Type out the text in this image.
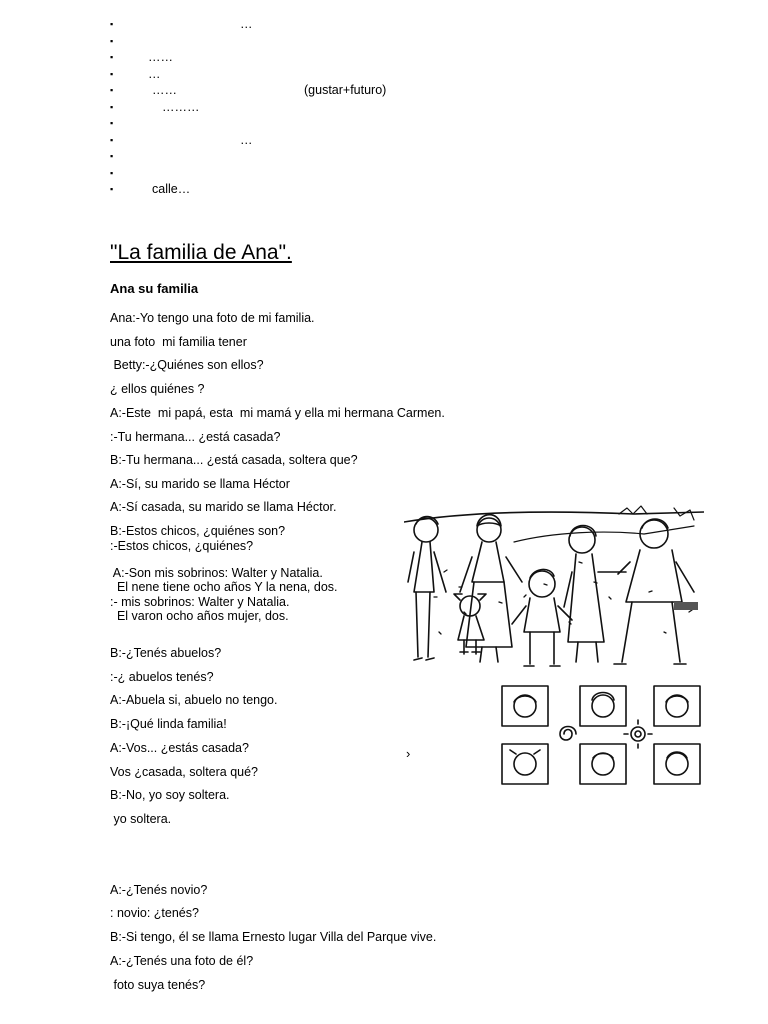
▪	…
▪
▪	……
▪	…
▪	……	(gustar+futuro)
▪	………
▪
▪	…
▪
▪
▪	calle…
"La familia de Ana".
Ana su familia
Ana:-Yo tengo una foto de mi familia.
una foto  mi familia tener
Betty:-¿Quiénes son ellos?
¿ ellos quiénes ?
A:-Este  mi papá, esta  mi mamá y ella mi hermana Carmen.
:-Tu hermana... ¿está casada?
B:-Tu hermana... ¿está casada, soltera que?
A:-Sí, su marido se llama Héctor
A:-Sí casada, su marido se llama Héctor.
B:-Estos chicos, ¿quiénes son?
:-Estos chicos, ¿quiénes?
A:-Son mis sobrinos: Walter y Natalia.
El nene tiene ocho años Y la nena, dos.
:- mis sobrinos: Walter y Natalia.
El varon ocho años mujer, dos.
B:-¿Tenés abuelos?
:-¿ abuelos tenés?
A:-Abuela si, abuelo no tengo.
B:-¡Qué linda familia!
A:-Vos... ¿estás casada?
Vos ¿casada, soltera qué?
B:-No, yo soy soltera.
yo soltera.
A:-¿Tenés novio?
: novio: ¿tenés?
B:-Si tengo, él se llama Ernesto lugar Villa del Parque vive.
A:-¿Tenés una foto de él?
foto suya tenés?
›
